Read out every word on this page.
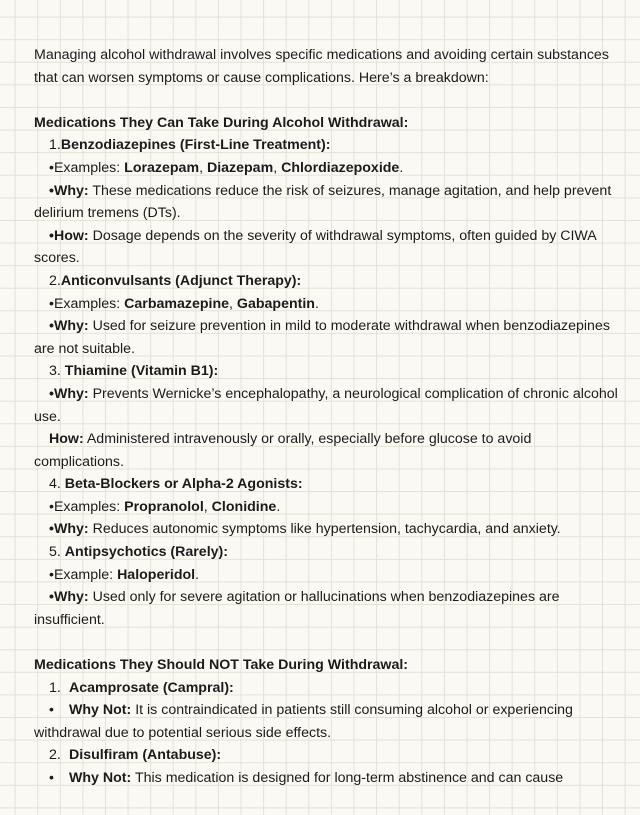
Managing alcohol withdrawal involves specific medications and avoiding certain substances that can worsen symptoms or cause complications. Here’s a breakdown:

Medications They Can Take During Alcohol Withdrawal:

1.Benzodiazepines (First-Line Treatment):

•Examples: Lorazepam, Diazepam, Chlordiazepoxide.

•Why: These medications reduce the risk of seizures, manage agitation, and help prevent delirium tremens (DTs).

•How: Dosage depends on the severity of withdrawal symptoms, often guided by CIWA scores.

2.Anticonvulsants (Adjunct Therapy):

•Examples: Carbamazepine, Gabapentin.

•Why: Used for seizure prevention in mild to moderate withdrawal when benzodiazepines are not suitable.

3. Thiamine (Vitamin B1):

•Why: Prevents Wernicke’s encephalopathy, a neurological complication of chronic alcohol use.

How: Administered intravenously or orally, especially before glucose to avoid complications.

4. Beta-Blockers or Alpha-2 Agonists:

•Examples: Propranolol, Clonidine.

•Why: Reduces autonomic symptoms like hypertension, tachycardia, and anxiety.

5. Antipsychotics (Rarely):

•Example: Haloperidol.

•Why: Used only for severe agitation or hallucinations when benzodiazepines are insufficient.

Medications They Should NOT Take During Withdrawal:

1. Acamprosate (Campral):

• Why Not: It is contraindicated in patients still consuming alcohol or experiencing withdrawal due to potential serious side effects.

2. Disulfiram (Antabuse):

• Why Not: This medication is designed for long-term abstinence and can cause
